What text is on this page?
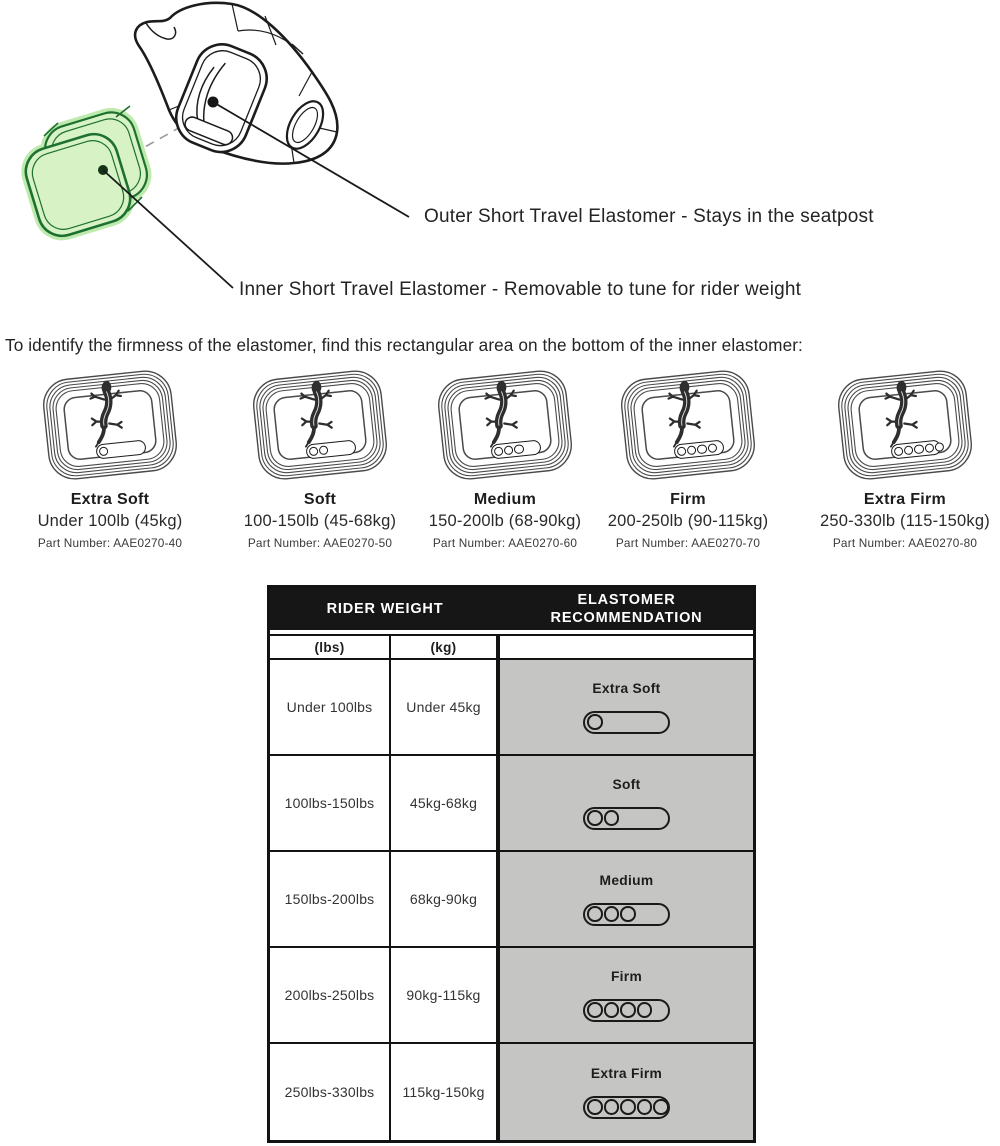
Outer Short Travel Elastomer - Stays in the seatpost
Inner Short Travel Elastomer - Removable to tune for rider weight
To identify the firmness of the elastomer, find this rectangular area on the bottom of the inner elastomer:
Extra Soft
Under 100lb (45kg)
Part Number: AAE0270-40
Soft
100-150lb (45-68kg)
Part Number: AAE0270-50
Medium
150-200lb (68-90kg)
Part Number: AAE0270-60
Firm
200-250lb (90-115kg)
Part Number: AAE0270-70
Extra Firm
250-330lb (115-150kg)
Part Number: AAE0270-80
RIDER WEIGHT
ELASTOMER RECOMMENDATION
(lbs)	(kg)
Under 100lbs	Under 45kg
Extra Soft
100lbs-150lbs	45kg-68kg
Soft
150lbs-200lbs	68kg-90kg
Medium
200lbs-250lbs	90kg-115kg
Firm
250lbs-330lbs	115kg-150kg
Extra Firm
